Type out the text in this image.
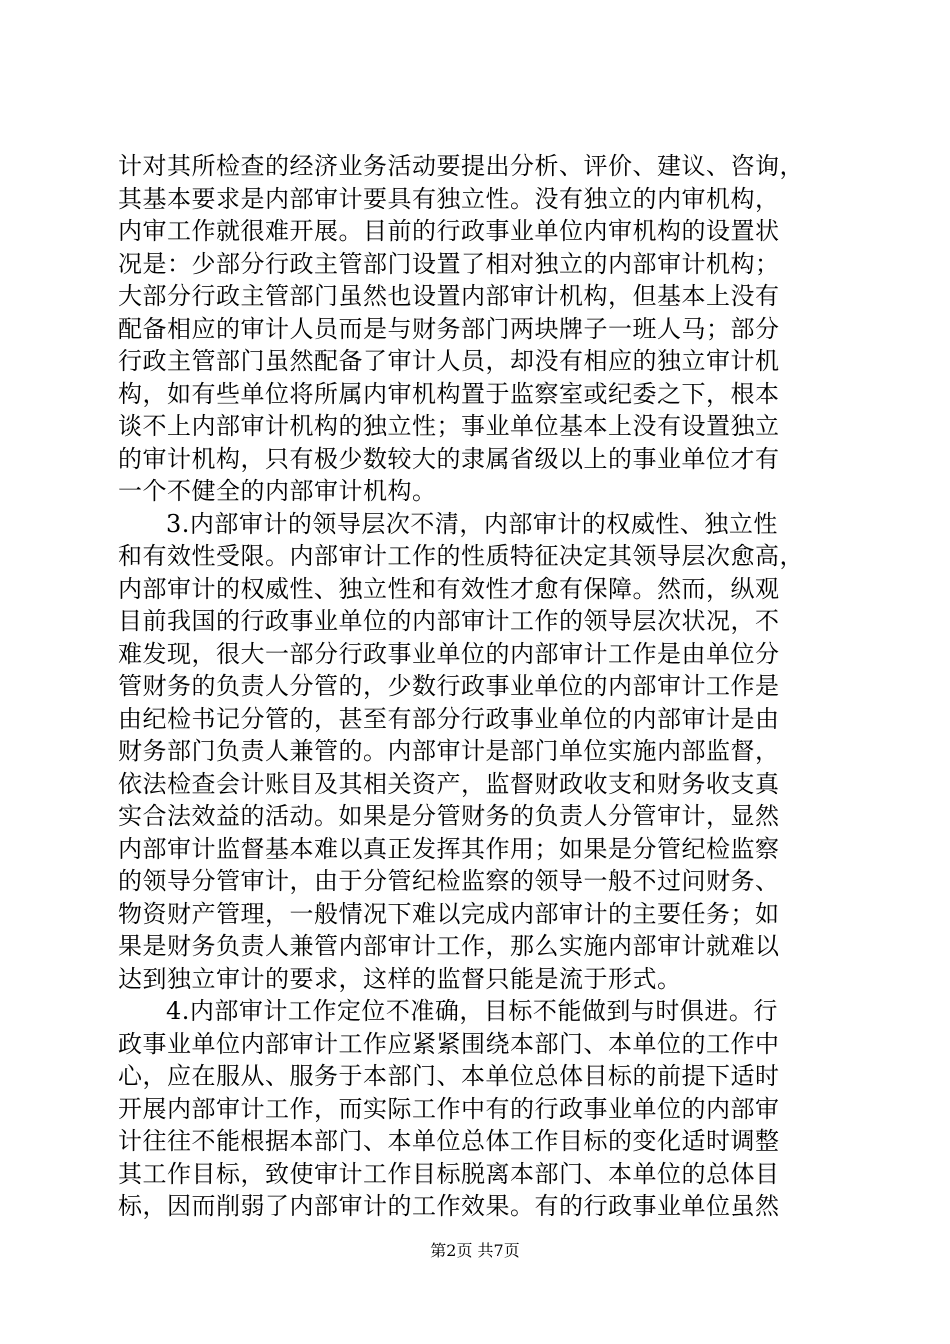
计对其所检查的经济业务活动要提出分析、评价、建议、咨询，
其基本要求是内部审计要具有独立性。没有独立的内审机构，
内审工作就很难开展。目前的行政事业单位内审机构的设置状
况是：少部分行政主管部门设置了相对独立的内部审计机构；
大部分行政主管部门虽然也设置内部审计机构，但基本上没有
配备相应的审计人员而是与财务部门两块牌子一班人马；部分
行政主管部门虽然配备了审计人员，却没有相应的独立审计机
构，如有些单位将所属内审机构置于监察室或纪委之下，根本
谈不上内部审计机构的独立性；事业单位基本上没有设置独立
的审计机构，只有极少数较大的隶属省级以上的事业单位才有
一个不健全的内部审计机构。
3.内部审计的领导层次不清，内部审计的权威性、独立性
和有效性受限。内部审计工作的性质特征决定其领导层次愈高，
内部审计的权威性、独立性和有效性才愈有保障。然而，纵观
目前我国的行政事业单位的内部审计工作的领导层次状况，不
难发现，很大一部分行政事业单位的内部审计工作是由单位分
管财务的负责人分管的，少数行政事业单位的内部审计工作是
由纪检书记分管的，甚至有部分行政事业单位的内部审计是由
财务部门负责人兼管的。内部审计是部门单位实施内部监督，
依法检查会计账目及其相关资产，监督财政收支和财务收支真
实合法效益的活动。如果是分管财务的负责人分管审计，显然
内部审计监督基本难以真正发挥其作用；如果是分管纪检监察
的领导分管审计，由于分管纪检监察的领导一般不过问财务、
物资财产管理，一般情况下难以完成内部审计的主要任务；如
果是财务负责人兼管内部审计工作，那么实施内部审计就难以
达到独立审计的要求，这样的监督只能是流于形式。
4.内部审计工作定位不准确，目标不能做到与时俱进。行
政事业单位内部审计工作应紧紧围绕本部门、本单位的工作中
心，应在服从、服务于本部门、本单位总体目标的前提下适时
开展内部审计工作，而实际工作中有的行政事业单位的内部审
计往往不能根据本部门、本单位总体工作目标的变化适时调整
其工作目标，致使审计工作目标脱离本部门、本单位的总体目
标，因而削弱了内部审计的工作效果。有的行政事业单位虽然
第2页 共7页
